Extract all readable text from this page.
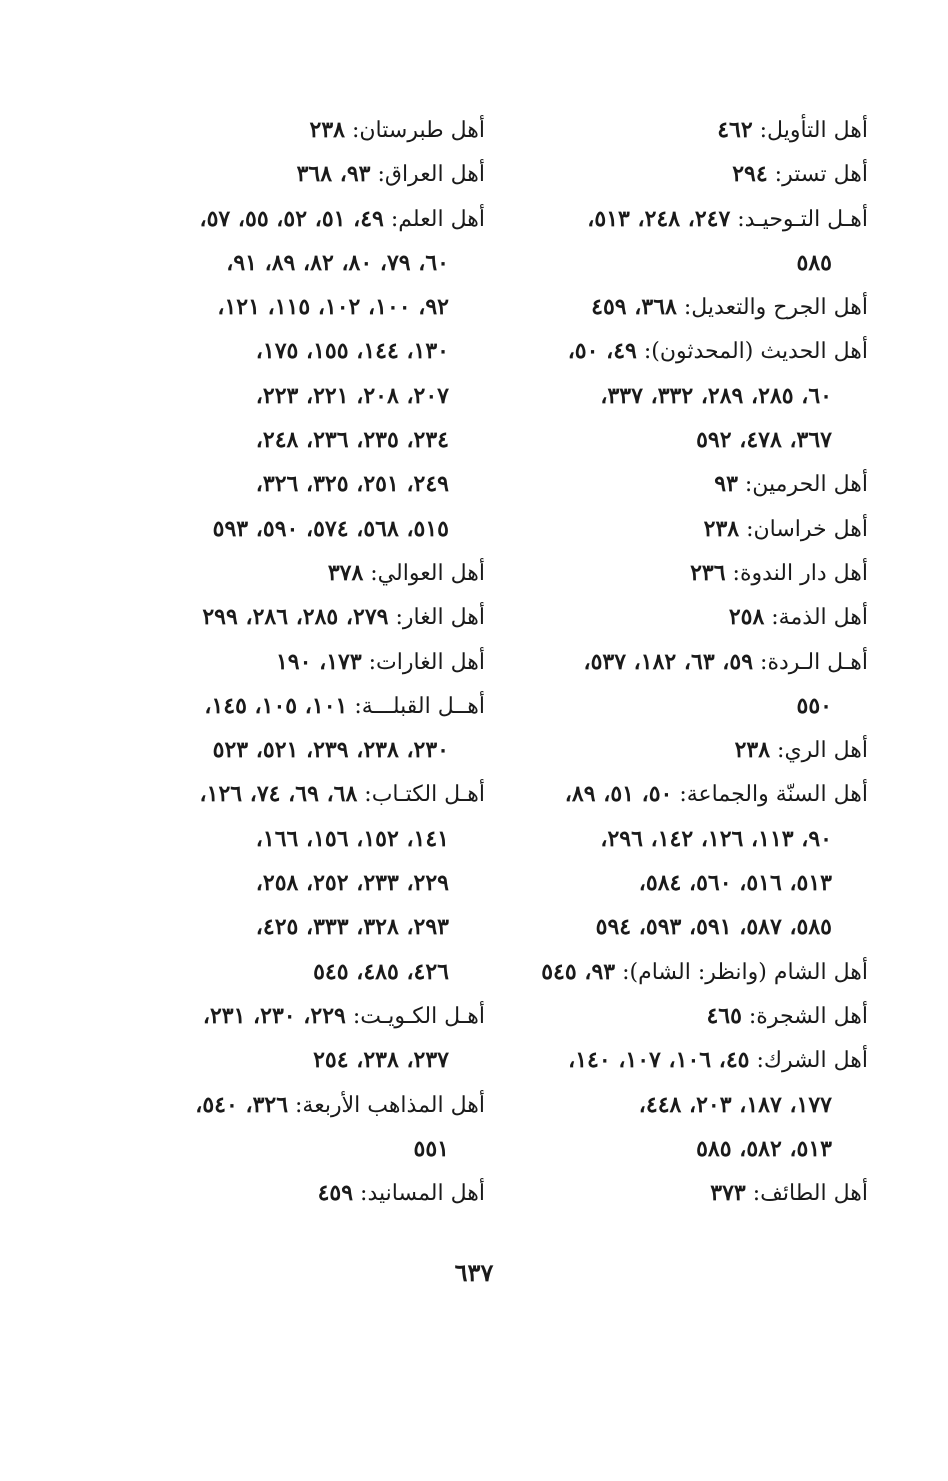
أهل التأويل: ٤٦٢
أهل تستر: ٢٩٤
أهـل التـوحيـد: ٢٤٧، ٢٤٨، ٥١٣،
٥٨٥
أهل الجرح والتعديل: ٣٦٨، ٤٥٩
أهل الحديث (المحدثون): ٤٩، ٥٠،
٦٠، ٢٨٥، ٢٨٩، ٣٣٢، ٣٣٧،
٣٦٧، ٤٧٨، ٥٩٢
أهل الحرمين: ٩٣
أهل خراسان: ٢٣٨
أهل دار الندوة: ٢٣٦
أهل الذمة: ٢٥٨
أهـل الـردة: ٥٩، ٦٣، ١٨٢، ٥٣٧،
٥٥٠
أهل الري: ٢٣٨
أهل السنّة والجماعة: ٥٠، ٥١، ٨٩،
٩٠، ١١٣، ١٢٦، ١٤٢، ٢٩٦،
٥١٣، ٥١٦، ٥٦٠، ٥٨٤،
٥٨٥، ٥٨٧، ٥٩١، ٥٩٣، ٥٩٤
أهل الشام (وانظر: الشام): ٩٣، ٥٤٥
أهل الشجرة: ٤٦٥
أهل الشرك: ٤٥، ١٠٦، ١٠٧، ١٤٠،
١٧٧، ١٨٧، ٢٠٣، ٤٤٨،
٥١٣، ٥٨٢، ٥٨٥
أهل الطائف: ٣٧٣
أهل طبرستان: ٢٣٨
أهل العراق: ٩٣، ٣٦٨
أهل العلم: ٤٩، ٥١، ٥٢، ٥٥، ٥٧،
٦٠، ٧٩، ٨٠، ٨٢، ٨٩، ٩١،
٩٢، ١٠٠، ١٠٢، ١١٥، ١٢١،
١٣٠، ١٤٤، ١٥٥، ١٧٥،
٢٠٧، ٢٠٨، ٢٢١، ٢٢٣،
٢٣٤، ٢٣٥، ٢٣٦، ٢٤٨،
٢٤٩، ٢٥١، ٣٢٥، ٣٢٦،
٥١٥، ٥٦٨، ٥٧٤، ٥٩٠، ٥٩٣
أهل العوالي: ٣٧٨
أهل الغار: ٢٧٩، ٢٨٥، ٢٨٦، ٢٩٩
أهل الغارات: ١٧٣، ١٩٠
أهــل القبلـــة: ١٠١، ١٠٥، ١٤٥،
٢٣٠، ٢٣٨، ٢٣٩، ٥٢١، ٥٢٣
أهـل الكتـاب: ٦٨، ٦٩، ٧٤، ١٢٦،
١٤١، ١٥٢، ١٥٦، ١٦٦،
٢٢٩، ٢٣٣، ٢٥٢، ٢٥٨،
٢٩٣، ٣٢٨، ٣٣٣، ٤٢٥،
٤٢٦، ٤٨٥، ٥٤٥
أهـل الكـويـت: ٢٢٩، ٢٣٠، ٢٣١،
٢٣٧، ٢٣٨، ٢٥٤
أهل المذاهب الأربعة: ٣٢٦، ٥٤٠،
٥٥١
أهل المسانيد: ٤٥٩
٦٣٧
